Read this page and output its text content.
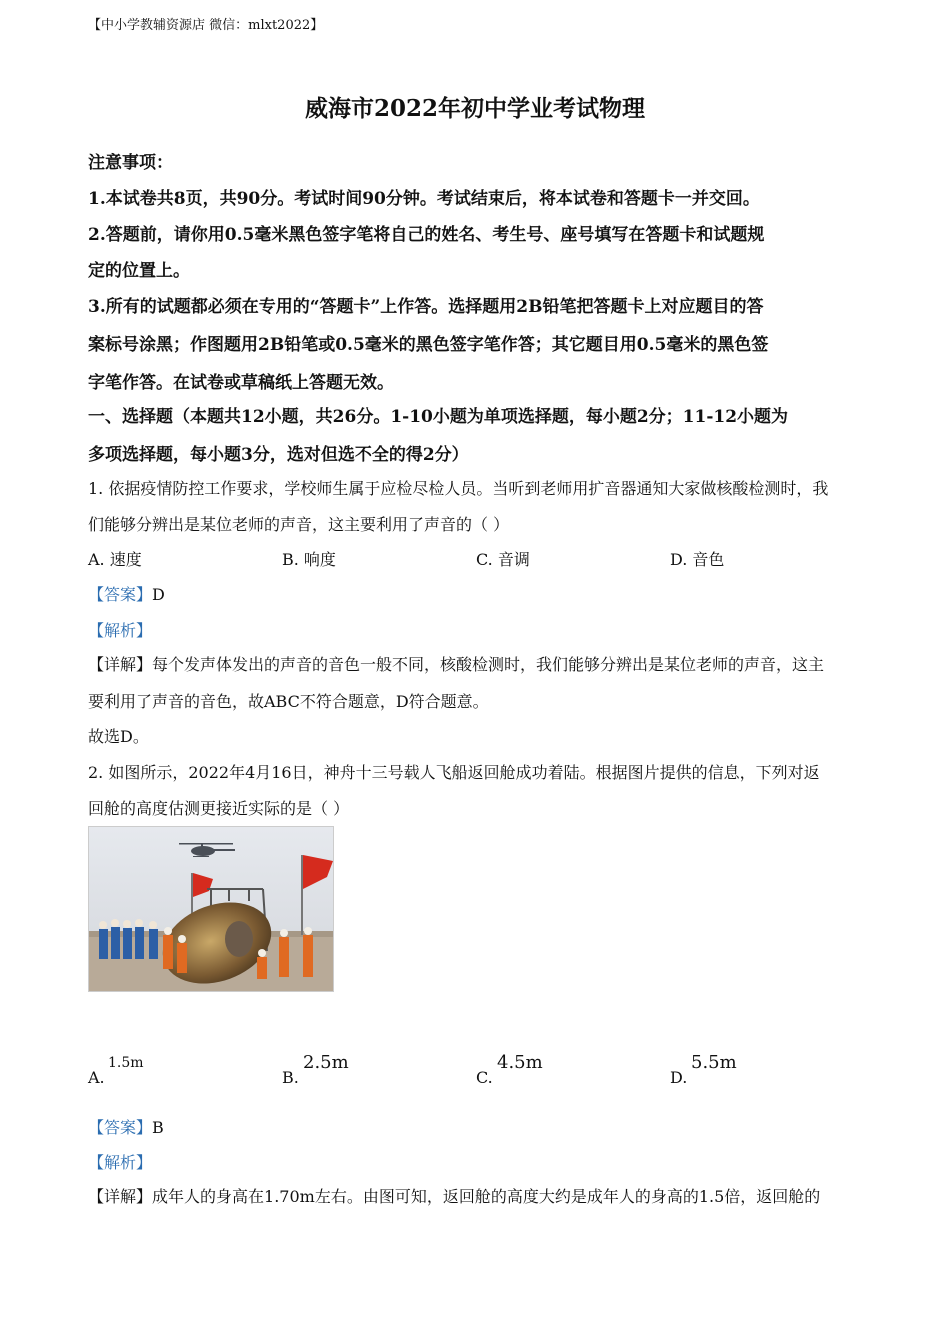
【中小学教辅资源店 微信：mlxt2022】
威海市2022年初中学业考试物理
注意事项：
1.本试卷共8页，共90分。考试时间90分钟。考试结束后，将本试卷和答题卡一并交回。
2.答题前，请你用0.5毫米黑色签字笔将自己的姓名、考生号、座号填写在答题卡和试题规
定的位置上。
3.所有的试题都必须在专用的“答题卡”上作答。选择题用2B铅笔把答题卡上对应题目的答
案标号涂黑；作图题用2B铅笔或0.5毫米的黑色签字笔作答；其它题目用0.5毫米的黑色签
字笔作答。在试卷或草稿纸上答题无效。
一、选择题（本题共12小题，共26分。1-10小题为单项选择题，每小题2分；11-12小题为
多项选择题，每小题3分，选对但选不全的得2分）
1. 依据疫情防控工作要求，学校师生属于应检尽检人员。当听到老师用扩音器通知大家做核酸检测时，我
们能够分辨出是某位老师的声音，这主要利用了声音的（ ）
A. 速度	B. 响度	C. 音调	D. 音色
【答案】D
【解析】
【详解】每个发声体发出的声音的音色一般不同，核酸检测时，我们能够分辨出是某位老师的声音，这主
要利用了声音的音色，故ABC不符合题意，D符合题意。
故选D。
2. 如图所示，2022年4月16日，神舟十三号载人飞船返回舱成功着陆。根据图片提供的信息，下列对返
回舱的高度估测更接近实际的是（ ）
A.
1.5m
B.
2.5m
C.
4.5m
D.
5.5m
【答案】B
【解析】
【详解】成年人的身高在1.70m左右。由图可知，返回舱的高度大约是成年人的身高的1.5倍，返回舱的
